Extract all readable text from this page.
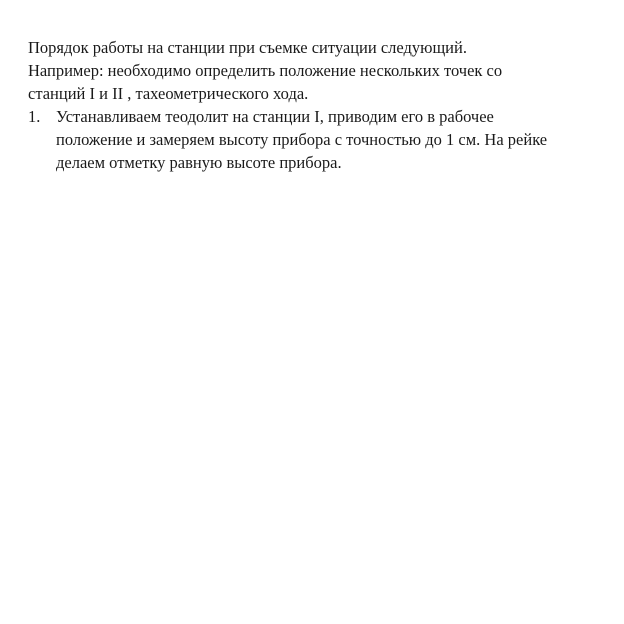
Порядок работы на станции при съемке ситуации следующий.
Например: необходимо определить положение нескольких точек со
станций I и II , тахеометрического хода.
1. Устанавливаем теодолит на станции I, приводим его в рабочее
положение и замеряем высоту прибора с точностью до 1 см. На рейке
делаем отметку равную высоте прибора.
